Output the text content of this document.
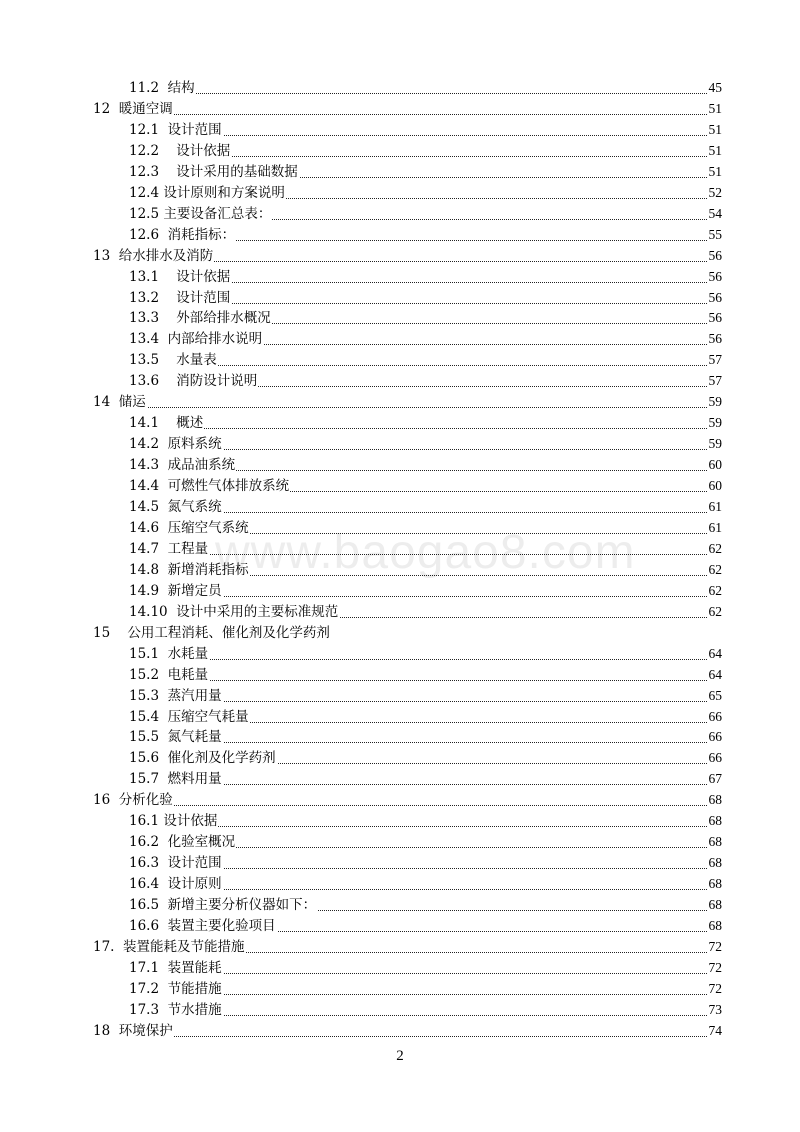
11.2  结构	45
12  暖通空调	51
12.1  设计范围	51
12.2    设计依据	51
12.3    设计采用的基础数据	51
12.4 设计原则和方案说明	52
12.5 主要设备汇总表：	54
12.6  消耗指标：	55
13  给水排水及消防	56
13.1    设计依据	56
13.2    设计范围	56
13.3    外部给排水概况	56
13.4  内部给排水说明	56
13.5    水量表	57
13.6    消防设计说明	57
14  储运	59
14.1    概述	59
14.2  原料系统	59
14.3  成品油系统	60
14.4  可燃性气体排放系统	60
14.5  氮气系统	61
14.6  压缩空气系统	61
14.7  工程量	62
14.8  新增消耗指标	62
14.9  新增定员	62
14.10  设计中采用的主要标准规范	62
15    公用工程消耗、催化剂及化学药剂
15.1  水耗量	64
15.2  电耗量	64
15.3  蒸汽用量	65
15.4  压缩空气耗量	66
15.5  氮气耗量	66
15.6  催化剂及化学药剂	66
15.7  燃料用量	67
16  分析化验	68
16.1 设计依据	68
16.2  化验室概况	68
16.3  设计范围	68
16.4  设计原则	68
16.5  新增主要分析仪器如下：	68
16.6  装置主要化验项目	68
17.  装置能耗及节能措施	72
17.1  装置能耗	72
17.2  节能措施	72
17.3  节水措施	73
18  环境保护	74
www.baogao8.com
2
